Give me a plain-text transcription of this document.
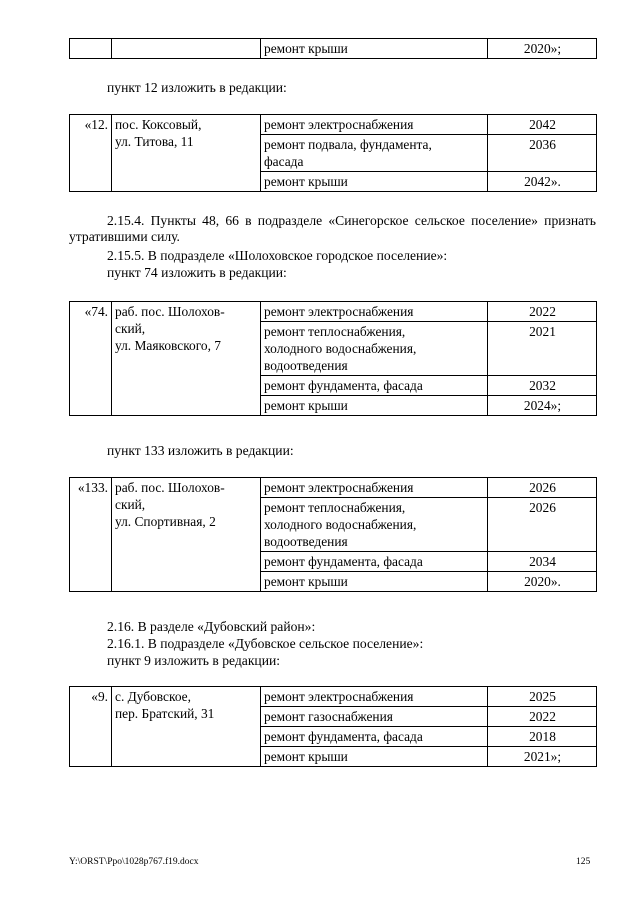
		ремонт крыши	2020»;

пункт 12 изложить в редакции:

«12.	пос. Коксовый,
ул. Титова, 11	ремонт электроснабжения	2042
		ремонт подвала, фундамента,
фасада	2036
		ремонт крыши	2042».

2.15.4. Пункты 48, 66 в подразделе «Синегорское сельское поселение» признать утратившими силу.

2.15.5. В подразделе «Шолоховское городское поселение»:

пункт 74 изложить в редакции:

«74.	раб. пос. Шолохов-
ский,
ул. Маяковского, 7	ремонт электроснабжения	2022
		ремонт теплоснабжения,
холодного водоснабжения,
водоотведения	2021
		ремонт фундамента, фасада	2032
		ремонт крыши	2024»;

пункт 133 изложить в редакции:

«133.	раб. пос. Шолохов-
ский,
ул. Спортивная, 2	ремонт электроснабжения	2026
		ремонт теплоснабжения,
холодного водоснабжения,
водоотведения	2026
		ремонт фундамента, фасада	2034
		ремонт крыши	2020».

2.16. В разделе «Дубовский район»:

2.16.1. В подразделе «Дубовское сельское поселение»:

пункт 9 изложить в редакции:

«9.	с. Дубовское,
пер. Братский, 31	ремонт электроснабжения	2025
		ремонт газоснабжения	2022
		ремонт фундамента, фасада	2018
		ремонт крыши	2021»;
Y:\ORST\Ppo\1028p767.f19.docx	125
